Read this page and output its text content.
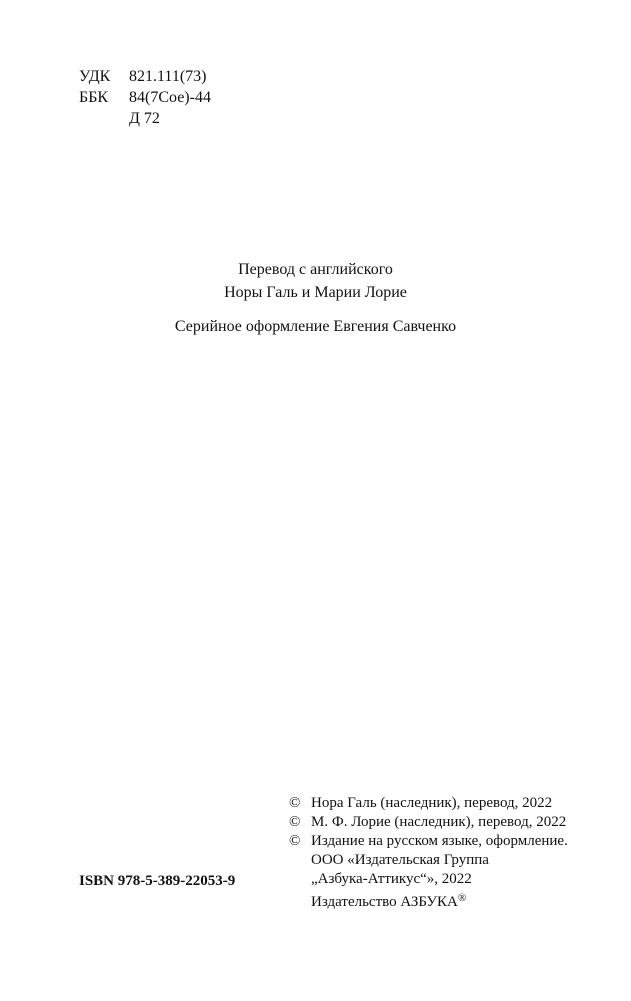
УДК	821.111(73)
ББК	84(7Сое)-44
Д 72
Перевод с английского
Норы Галь и Марии Лорие
Серийное оформление Евгения Савченко
© Нора Галь (наследник), перевод, 2022
© М. Ф. Лорие (наследник), перевод, 2022
© Издание на русском языке, оформление.
ООО «Издательская Группа
„Азбука-Аттикус“», 2022
Издательство АЗБУКА®
ISBN 978-5-389-22053-9
